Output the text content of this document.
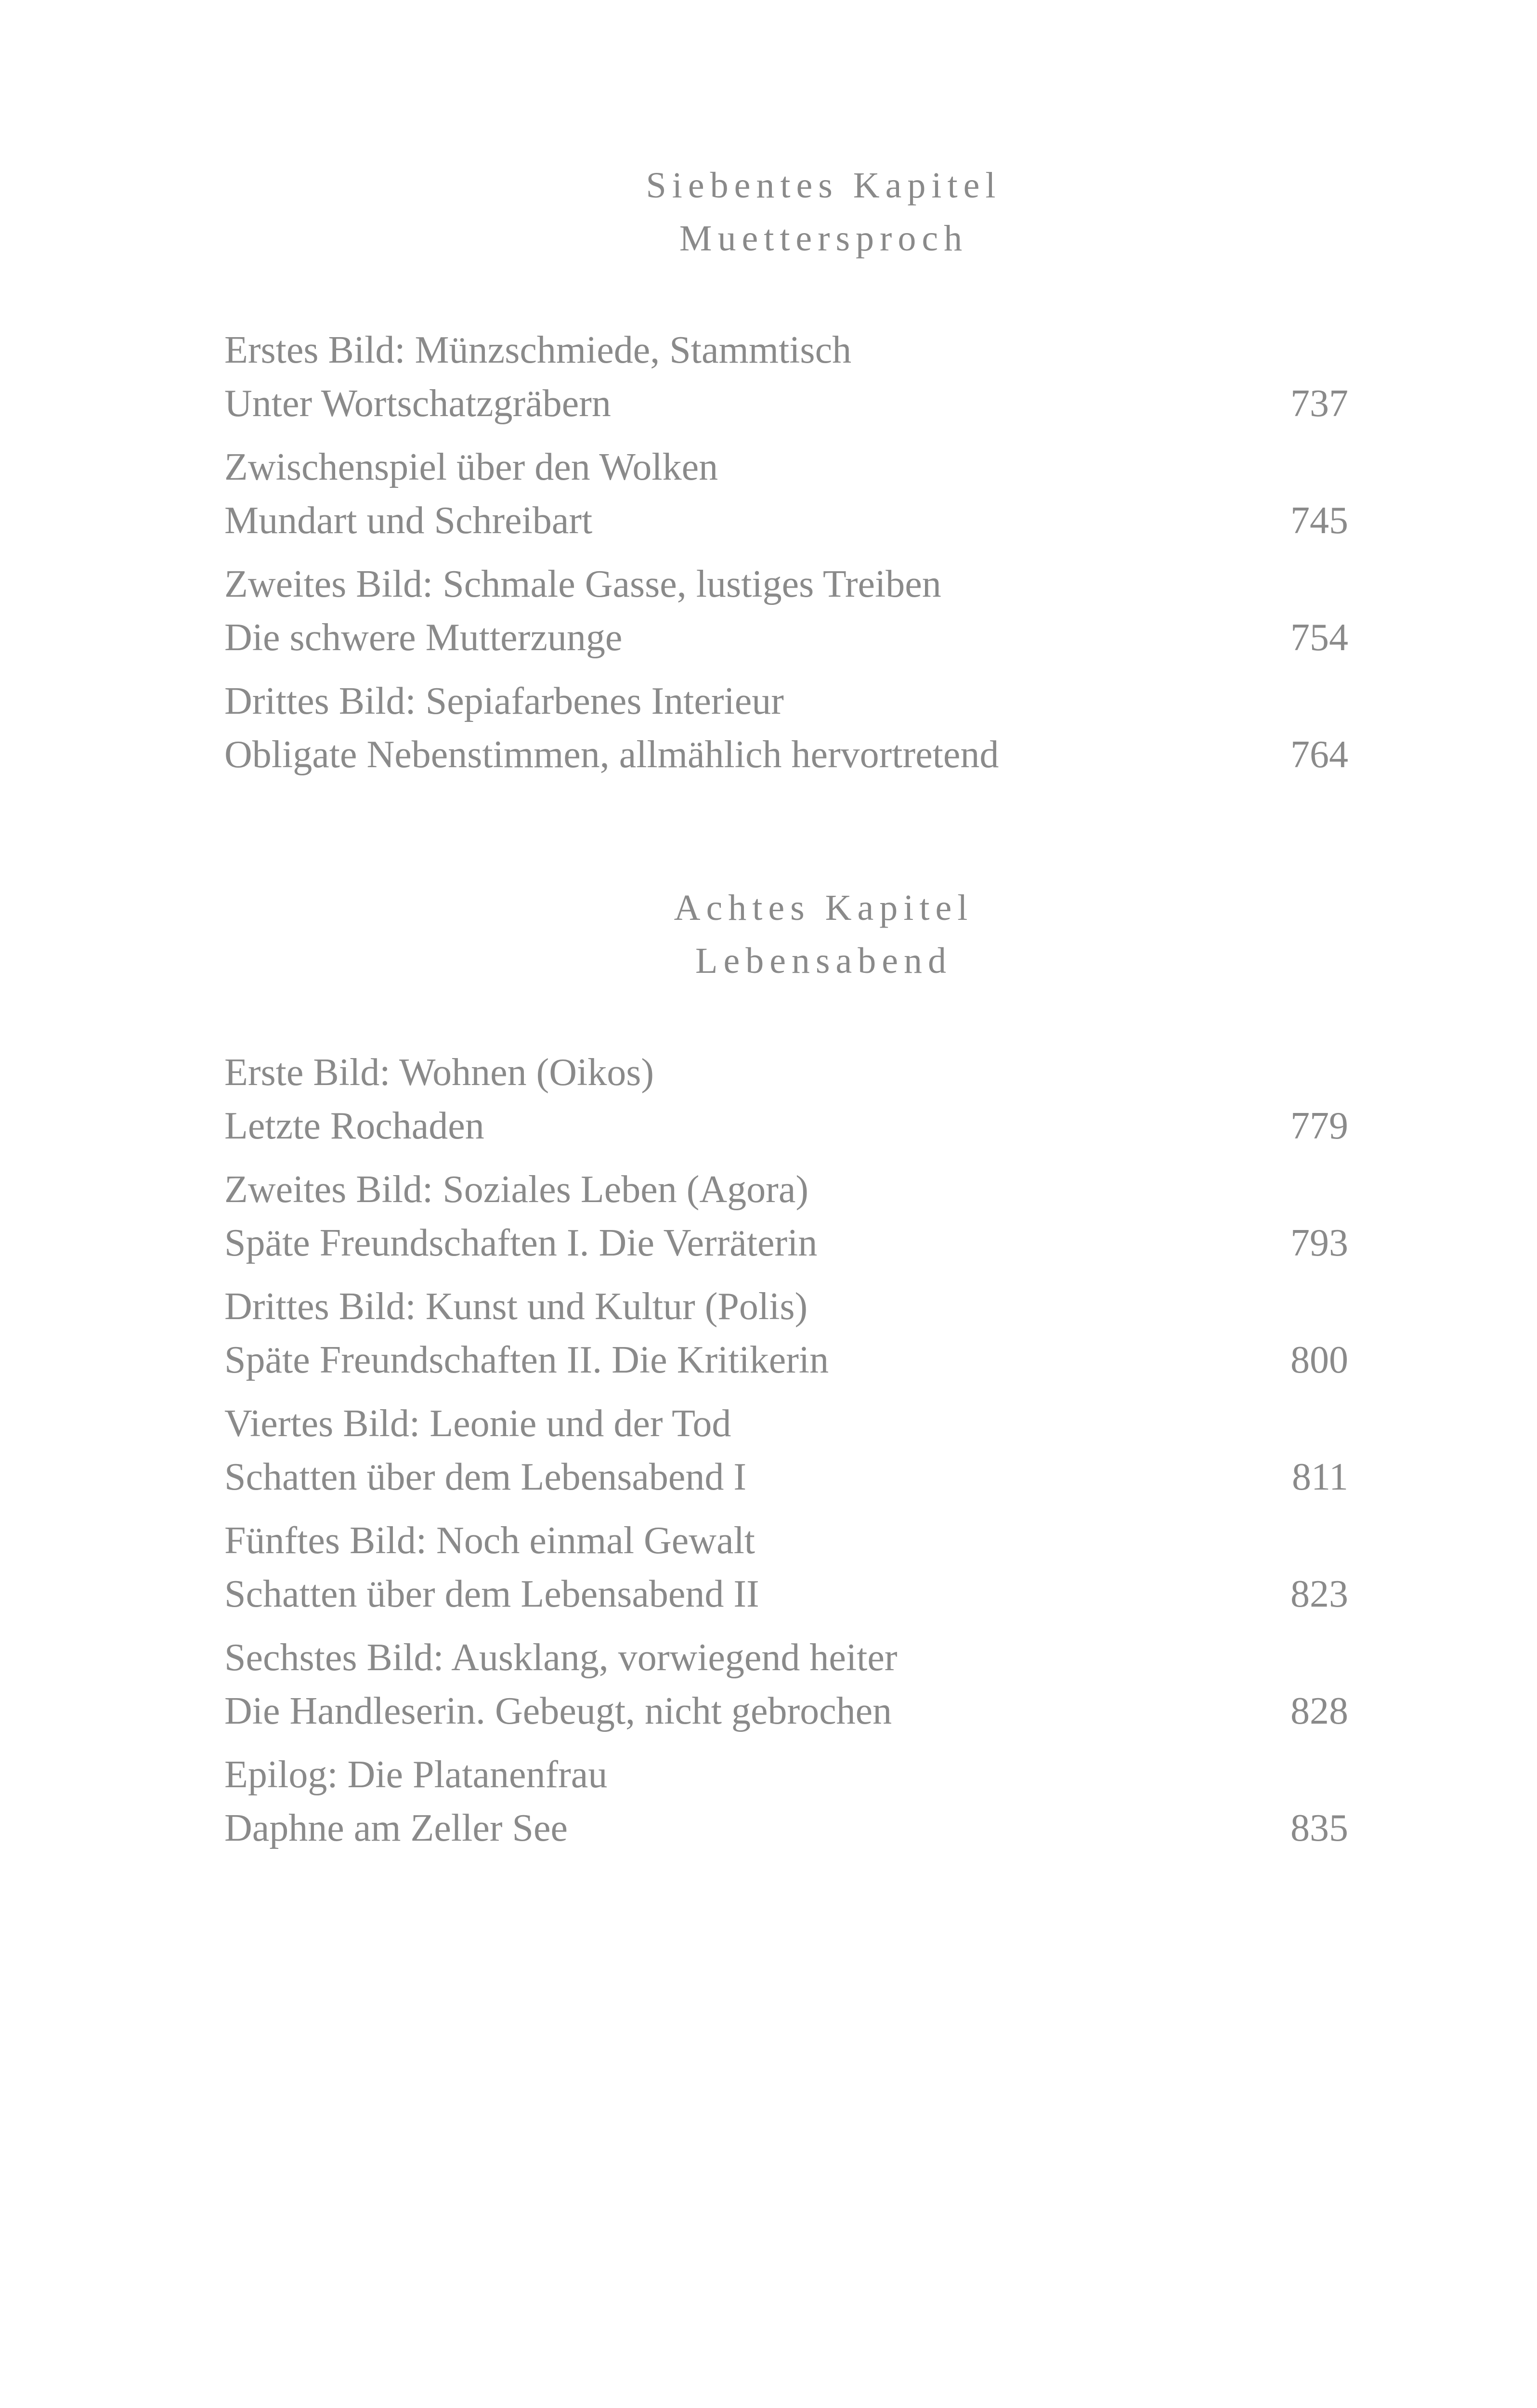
Siebentes Kapitel
Muettersproch
Erstes Bild: Münzschmiede, Stammtisch
Unter Wortschatzgräbern	737
Zwischenspiel über den Wolken
Mundart und Schreibart	745
Zweites Bild: Schmale Gasse, lustiges Treiben
Die schwere Mutterzunge	754
Drittes Bild: Sepiafarbenes Interieur
Obligate Nebenstimmen, allmählich hervortretend	764
Achtes Kapitel
Lebensabend
Erste Bild: Wohnen (Oikos)
Letzte Rochaden	779
Zweites Bild: Soziales Leben (Agora)
Späte Freundschaften I. Die Verräterin	793
Drittes Bild: Kunst und Kultur (Polis)
Späte Freundschaften II. Die Kritikerin	800
Viertes Bild: Leonie und der Tod
Schatten über dem Lebensabend I	811
Fünftes Bild: Noch einmal Gewalt
Schatten über dem Lebensabend II	823
Sechstes Bild: Ausklang, vorwiegend heiter
Die Handleserin. Gebeugt, nicht gebrochen	828
Epilog: Die Platanenfrau
Daphne am Zeller See	835
